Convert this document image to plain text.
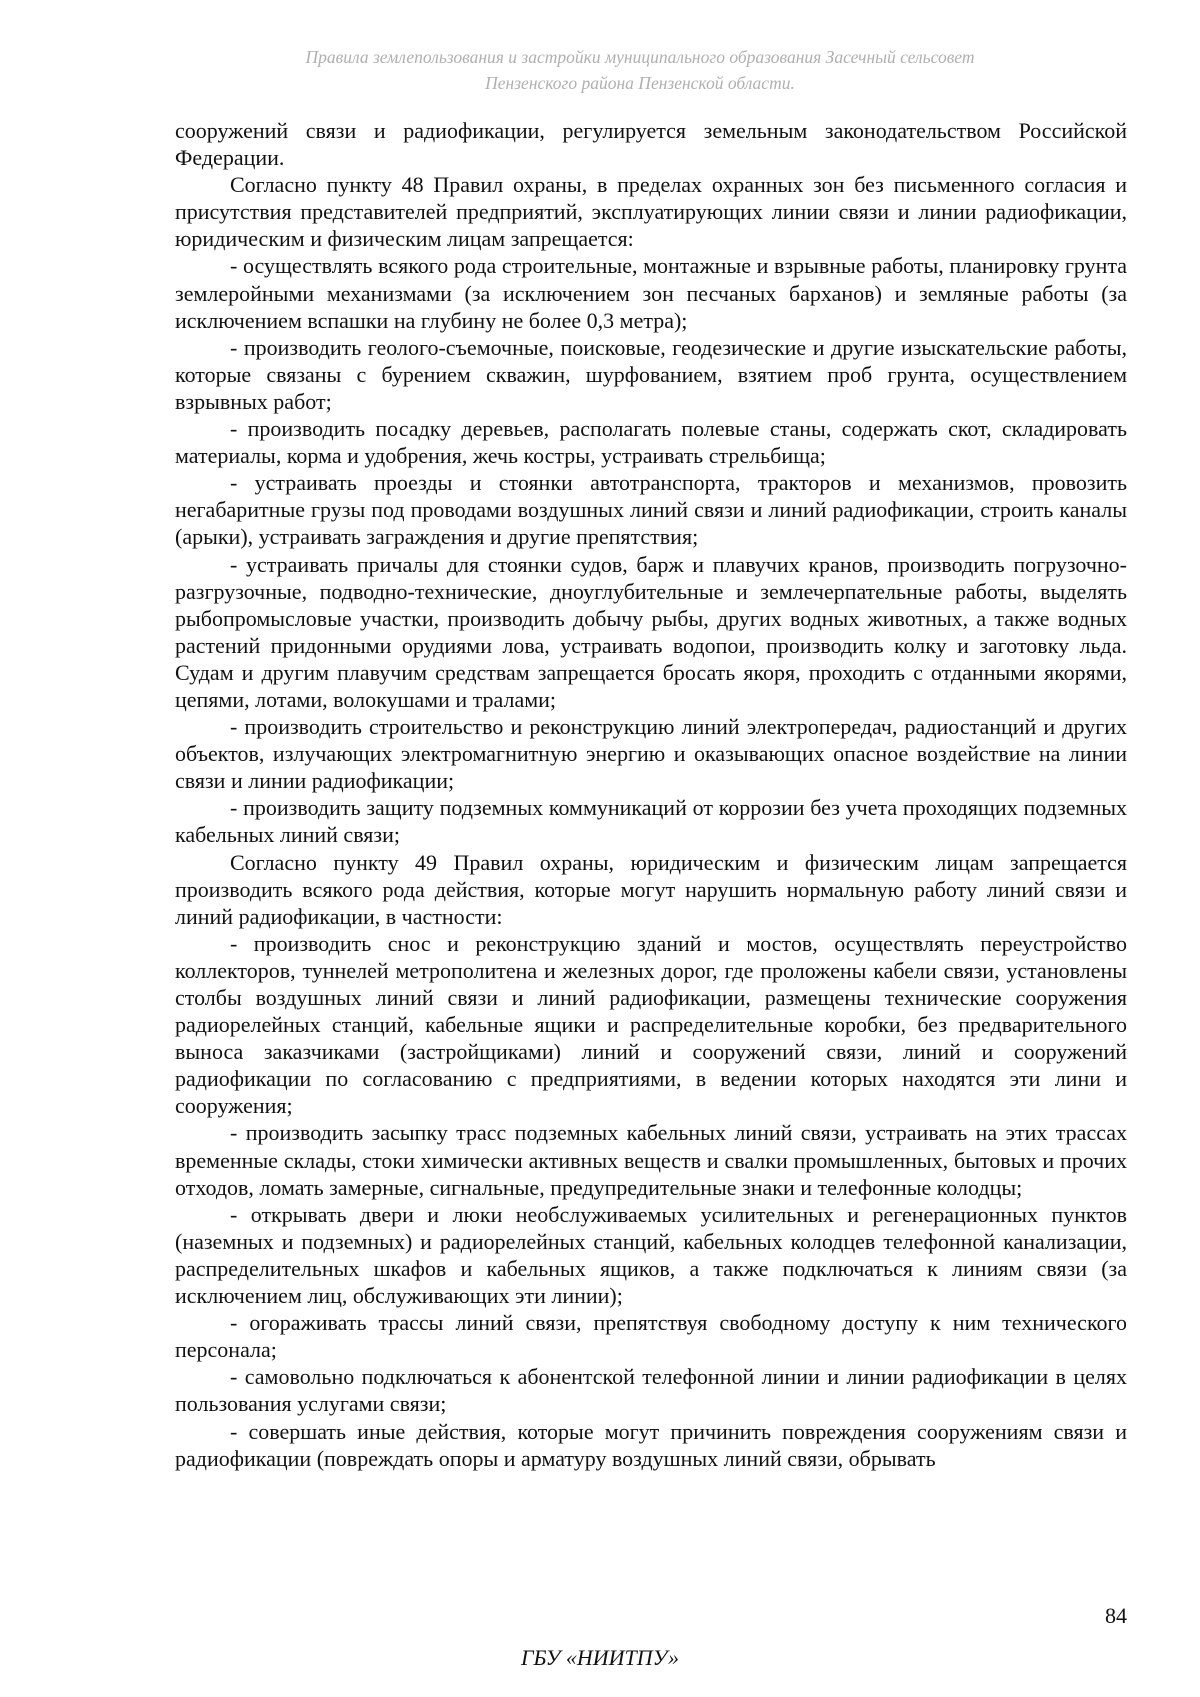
Правила землепользования и застройки муниципального образования Засечный сельсовет
Пензенского района Пензенской области.

сооружений связи и радиофикации, регулируется земельным законодательством Российской Федерации.

Согласно пункту 48 Правил охраны, в пределах охранных зон без письменного согласия и присутствия представителей предприятий, эксплуатирующих линии связи и линии радиофикации, юридическим и физическим лицам запрещается:

- осуществлять всякого рода строительные, монтажные и взрывные работы, планировку грунта землеройными механизмами (за исключением зон песчаных барханов) и земляные работы (за исключением вспашки на глубину не более 0,3 метра);

- производить геолого-съемочные, поисковые, геодезические и другие изыскательские работы, которые связаны с бурением скважин, шурфованием, взятием проб грунта, осуществлением взрывных работ;

- производить посадку деревьев, располагать полевые станы, содержать скот, складировать материалы, корма и удобрения, жечь костры, устраивать стрельбища;

- устраивать проезды и стоянки автотранспорта, тракторов и механизмов, провозить негабаритные грузы под проводами воздушных линий связи и линий радиофикации, строить каналы (арыки), устраивать заграждения и другие препятствия;

- устраивать причалы для стоянки судов, барж и плавучих кранов, производить погрузочно-разгрузочные, подводно-технические, дноуглубительные и землечерпательные работы, выделять рыбопромысловые участки, производить добычу рыбы, других водных животных, а также водных растений придонными орудиями лова, устраивать водопои, производить колку и заготовку льда. Судам и другим плавучим средствам запрещается бросать якоря, проходить с отданными якорями, цепями, лотами, волокушами и тралами;

- производить строительство и реконструкцию линий электропередач, радиостанций и других объектов, излучающих электромагнитную энергию и оказывающих опасное воздействие на линии связи и линии радиофикации;

- производить защиту подземных коммуникаций от коррозии без учета проходящих подземных кабельных линий связи;

Согласно пункту 49 Правил охраны, юридическим и физическим лицам запрещается производить всякого рода действия, которые могут нарушить нормальную работу линий связи и линий радиофикации, в частности:

- производить снос и реконструкцию зданий и мостов, осуществлять переустройство коллекторов, туннелей метрополитена и железных дорог, где проложены кабели связи, установлены столбы воздушных линий связи и линий радиофикации, размещены технические сооружения радиорелейных станций, кабельные ящики и распределительные коробки, без предварительного выноса заказчиками (застройщиками) линий и сооружений связи, линий и сооружений радиофикации по согласованию с предприятиями, в ведении которых находятся эти лини и сооружения;

- производить засыпку трасс подземных кабельных линий связи, устраивать на этих трассах временные склады, стоки химически активных веществ и свалки промышленных, бытовых и прочих отходов, ломать замерные, сигнальные, предупредительные знаки и телефонные колодцы;

- открывать двери и люки необслуживаемых усилительных и регенерационных пунктов (наземных и подземных) и радиорелейных станций, кабельных колодцев телефонной канализации, распределительных шкафов и кабельных ящиков, а также подключаться к линиям связи (за исключением лиц, обслуживающих эти линии);

- огораживать трассы линий связи, препятствуя свободному доступу к ним технического персонала;

- самовольно подключаться к абонентской телефонной линии и линии радиофикации в целях пользования услугами связи;

- совершать иные действия, которые могут причинить повреждения сооружениям связи и радиофикации (повреждать опоры и арматуру воздушных линий связи, обрывать

84
ГБУ «НИИТПУ»
